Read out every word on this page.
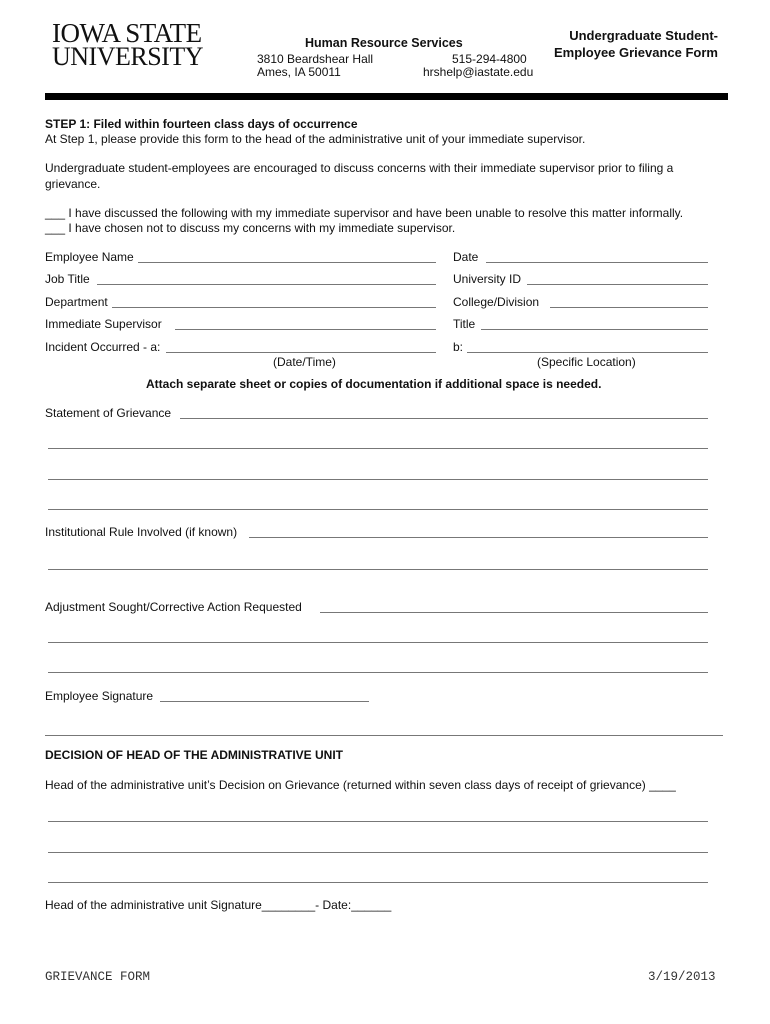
IOWA STATE
UNIVERSITY	Human Resource Services
3810 Beardshear Hall
Ames, IA 50011
515-294-4800
hrshelp@iastate.edu
Undergraduate Student-Employee Grievance Form
STEP 1: Filed within fourteen class days of occurrence
At Step 1, please provide this form to the head of the administrative unit of your immediate supervisor.
Undergraduate student-employees are encouraged to discuss concerns with their immediate supervisor prior to filing a
grievance.
___ I have discussed the following with my immediate supervisor and have been unable to resolve this matter informally.
___ I have chosen not to discuss my concerns with my immediate supervisor.
Employee Name
Job Title
Department
Immediate Supervisor
Incident Occurred - a:
(Date/Time)
Date
University ID
College/Division
Title
b:
(Specific Location)
Attach separate sheet or copies of documentation if additional space is needed.
Statement of Grievance
Institutional Rule Involved (if known)
Adjustment Sought/Corrective Action Requested
Employee Signature
DECISION OF HEAD OF THE ADMINISTRATIVE UNIT
Head of the administrative unit’s Decision on Grievance (returned within seven class days of receipt of grievance) ____
Head of the administrative unit Signature________- Date:______
GRIEVANCE FORM	3/19/2013
